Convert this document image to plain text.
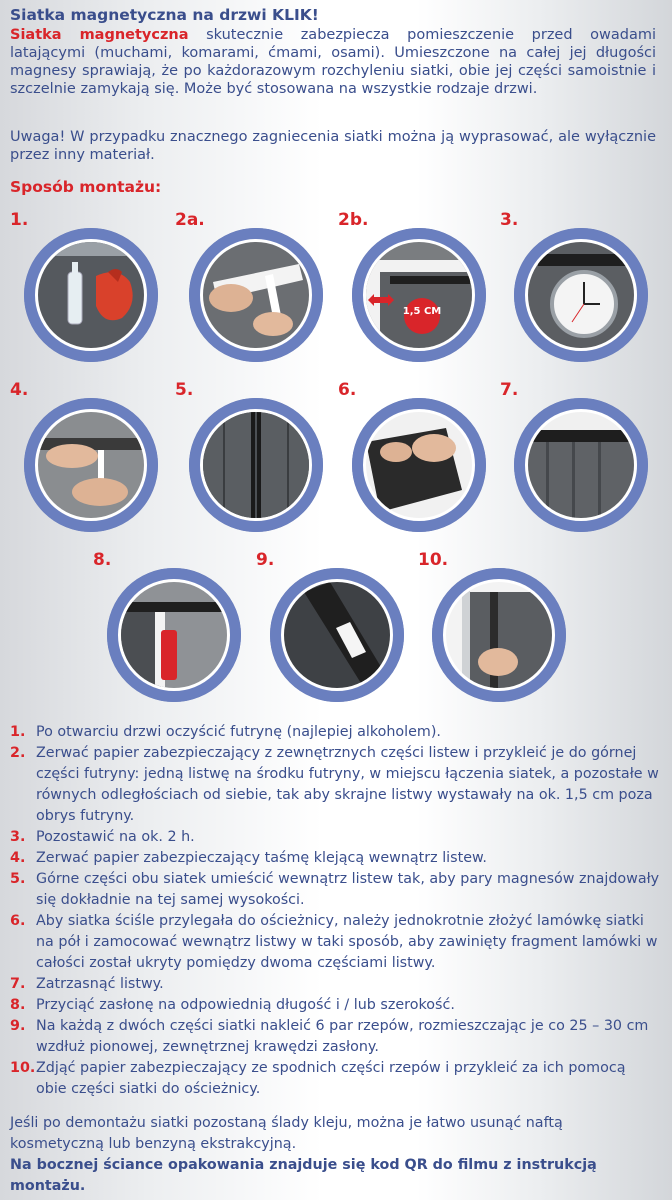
Siatka magnetyczna na drzwi KLIK!

Siatka magnetyczna skutecznie zabezpiecza pomieszczenie przed owadami latającymi (muchami, komarami, ćmami, osami). Umieszczone na całej jej długości magnesy sprawiają, że po każdorazowym rozchyleniu siatki, obie jej części samoistnie i szczelnie zamykają się. Może być stosowana na wszystkie rodzaje drzwi.

Uwaga! W przypadku znacznego zagniecenia siatki można ją wyprasować, ale wyłącznie przez inny materiał.
Sposób montażu:
1.	2a.	2b.
1,5 CM
3.
4.	5.	6.	7.
8.	9.	10.
1. Po otwarciu drzwi oczyścić futrynę (najlepiej alkoholem).
2. Zerwać papier zabezpieczający z zewnętrznych części listew i przykleić je do górnej części futryny: jedną listwę na środku futryny, w miejscu łączenia siatek, a pozostałe w równych odległościach od siebie, tak aby skrajne listwy wystawały na ok. 1,5 cm poza obrys futryny.
3. Pozostawić na ok. 2 h.
4. Zerwać papier zabezpieczający taśmę klejącą wewnątrz listew.
5. Górne części obu siatek umieścić wewnątrz listew tak, aby pary magnesów znajdowały się dokładnie na tej samej wysokości.
6. Aby siatka ściśle przylegała do ościeżnicy, należy jednokrotnie złożyć lamówkę siatki na pół i zamocować wewnątrz listwy w taki sposób, aby zawinięty fragment lamówki w całości został ukryty pomiędzy dwoma częściami listwy.
7. Zatrzasnąć listwy.
8. Przyciąć zasłonę na odpowiednią długość i / lub szerokość.
9. Na każdą z dwóch części siatki nakleić 6 par rzepów, rozmieszczając je co 25 – 30 cm wzdłuż pionowej, zewnętrznej krawędzi zasłony.
10. Zdjąć papier zabezpieczający ze spodnich części rzepów i przykleić za ich pomocą obie części siatki do ościeżnicy.
Jeśli po demontażu siatki pozostaną ślady kleju, można je łatwo usunąć naftą kosmetyczną lub benzyną ekstrakcyjną.
Na bocznej ściance opakowania znajduje się kod QR do filmu z instrukcją montażu.
